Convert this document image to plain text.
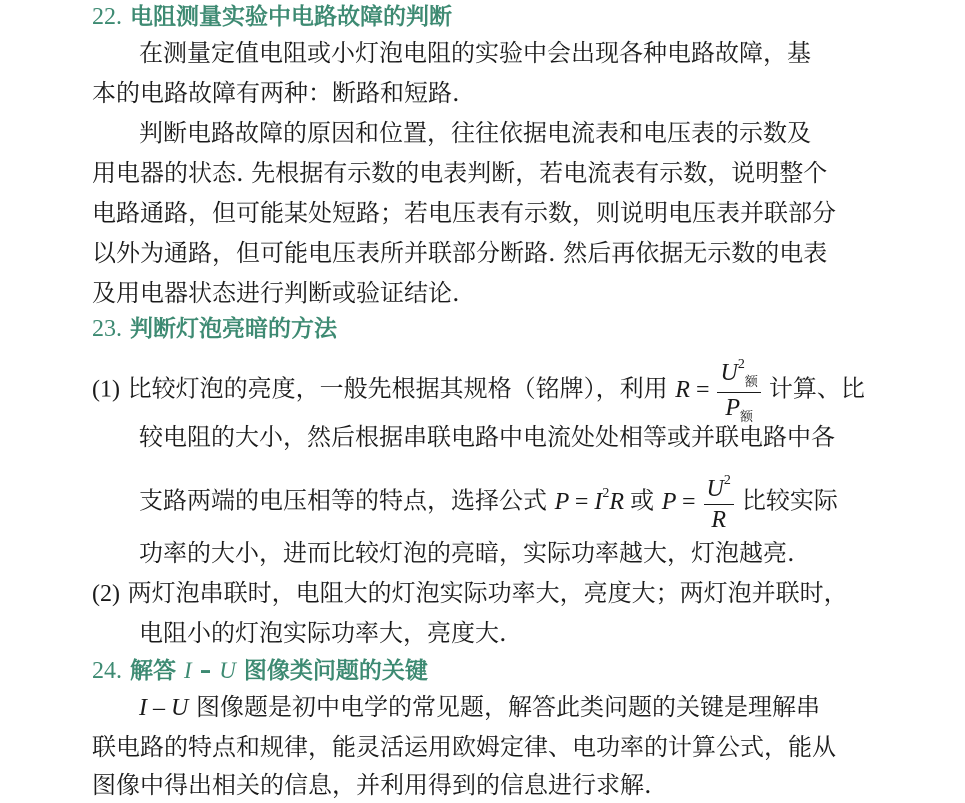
22. 电阻测量实验中电路故障的判断
在测量定值电阻或小灯泡电阻的实验中会出现各种电路故障，基
本的电路故障有两种：断路和短路.
判断电路故障的原因和位置，往往依据电流表和电压表的示数及
用电器的状态. 先根据有示数的电表判断，若电流表有示数，说明整个
电路通路，但可能某处短路；若电压表有示数，则说明电压表并联部分
以外为通路，但可能电压表所并联部分断路. 然后再依据无示数的电表
及用电器状态进行判断或验证结论.
23. 判断灯泡亮暗的方法
(1) 比较灯泡的亮度，一般先根据其规格（铭牌），利用 $R = \frac{U^2_额}{P_额}$ 计算、比
较电阻的大小，然后根据串联电路中电流处处相等或并联电路中各
支路两端的电压相等的特点，选择公式 $P = I^2R$ 或 $P = \frac{U^2}{R}$ 比较实际
功率的大小，进而比较灯泡的亮暗，实际功率越大，灯泡越亮.
(2) 两灯泡串联时，电阻大的灯泡实际功率大，亮度大；两灯泡并联时，
电阻小的灯泡实际功率大，亮度大.
24. 解答 I – U 图像类问题的关键
I – U 图像题是初中电学的常见题，解答此类问题的关键是理解串
联电路的特点和规律，能灵活运用欧姆定律、电功率的计算公式，能从
图像中得出相关的信息，并利用得到的信息进行求解.
